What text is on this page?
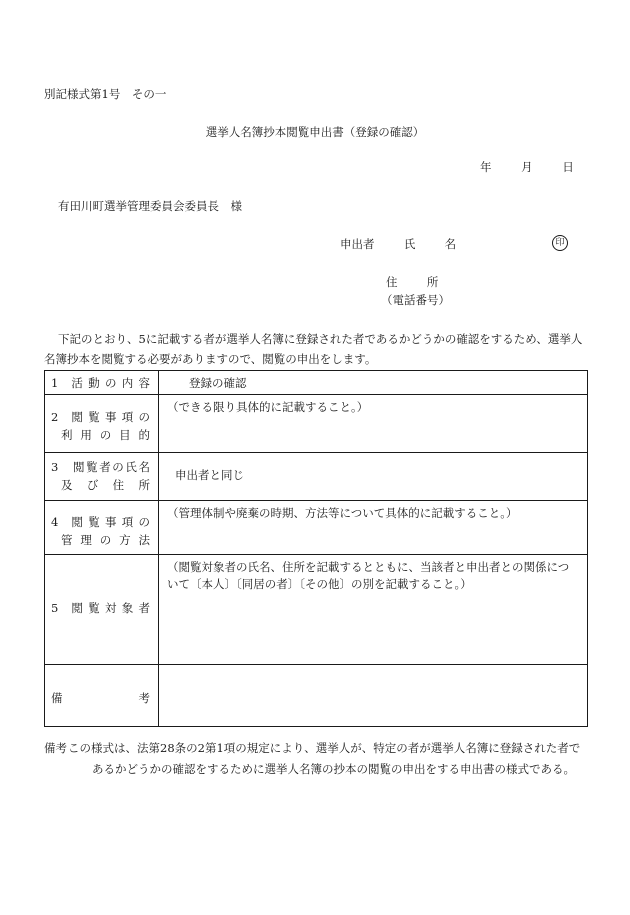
別記様式第1号　その一
選挙人名簿抄本閲覧申出書（登録の確認）
年	月	日
有田川町選挙管理委員会委員長　様
申出者	氏	名	印
住	所
（電話番号）
下記のとおり、5に記載する者が選挙人名簿に登録された者であるかどうかの確認をするため、選挙人名簿抄本を閲覧する必要がありますので、閲覧の申出をします。
1　活 動 の 内 容	登録の確認

2　閲 覧 事 項 の
利 用 の 目 的	（できる限り具体的に記載すること。）

3　閲覧者の氏名
及 び 住 所	申出者と同じ

4　閲 覧 事 項 の
管 理 の 方 法	（管理体制や廃棄の時期、方法等について具体的に記載すること。）

5　閲 覧 対 象 者	（閲覧対象者の氏名、住所を記載するとともに、当該者と申出者との関係について〔本人〕〔同居の者〕〔その他〕の別を記載すること。）

備　　　　　　考	

備考 この様式は、法第28条の2第1項の規定により、選挙人が、特定の者が選挙人名簿に登録された者であるかどうかの確認をするために選挙人名簿の抄本の閲覧の申出をする申出書の様式である。
